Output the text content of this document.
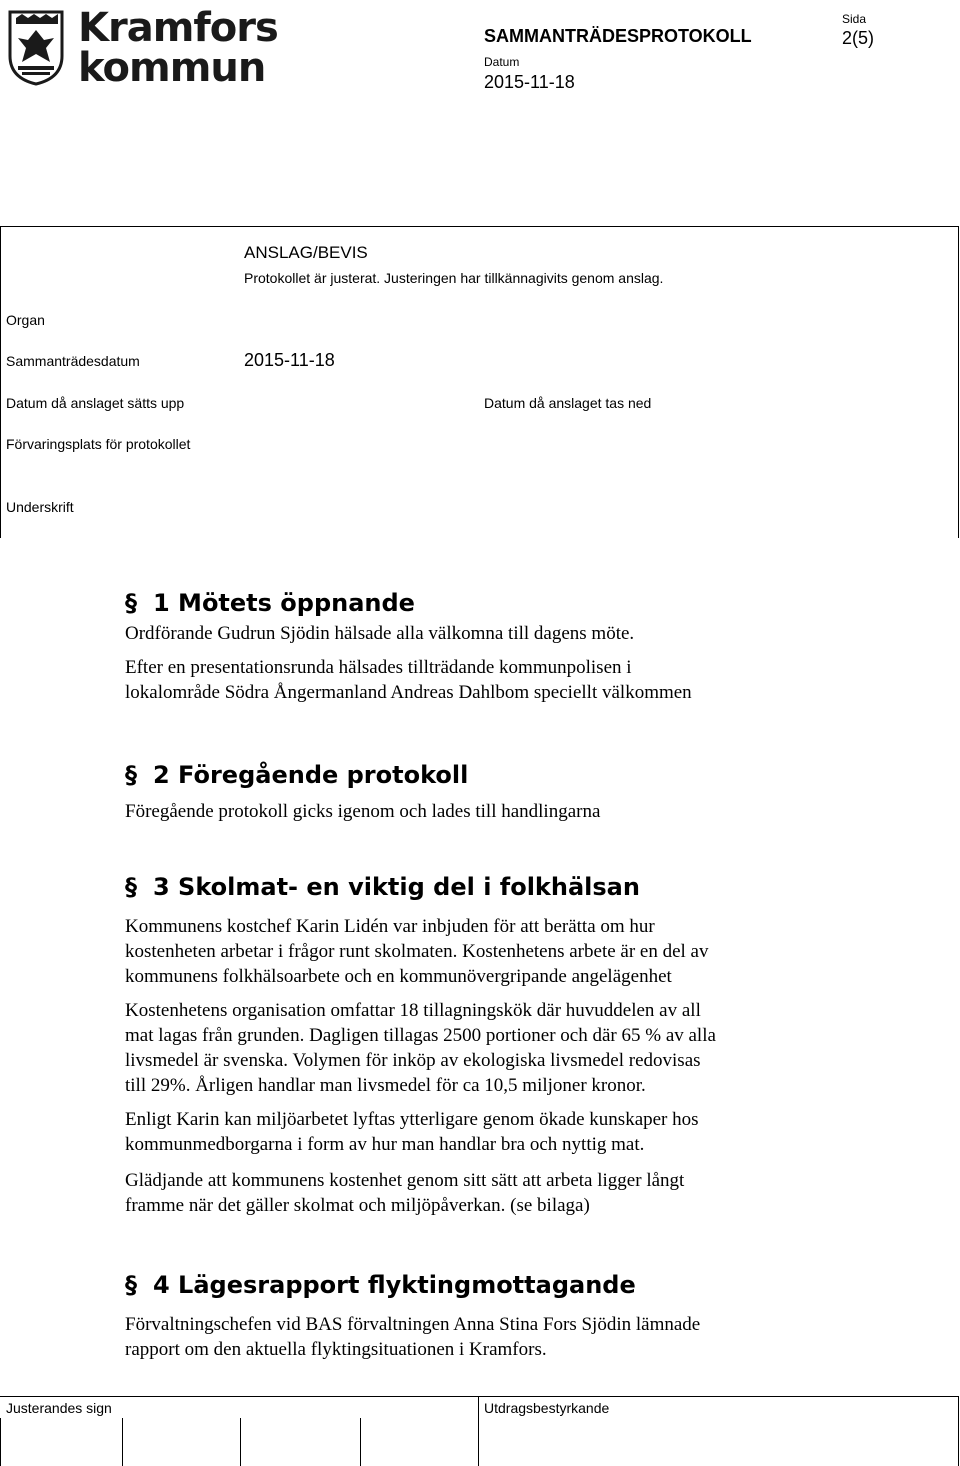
Kramfors
kommun
SAMMANTRÄDESPROTOKOLL
Sida
2(5)
Datum
2015-11-18
ANSLAG/BEVIS
Protokollet är justerat. Justeringen har tillkännagivits genom anslag.
Organ
Sammanträdesdatum	2015-11-18
Datum då anslaget sätts upp	Datum då anslaget tas ned
Förvaringsplats för protokollet
Underskrift
§ 1 Mötets öppnande
Ordförande Gudrun Sjödin hälsade alla välkomna till dagens möte.
Efter en presentationsrunda hälsades tillträdande kommunpolisen i
lokalområde Södra Ångermanland Andreas Dahlbom speciellt välkommen
§ 2 Föregående protokoll
Föregående protokoll gicks igenom och lades till handlingarna
§ 3 Skolmat- en viktig del i folkhälsan
Kommunens kostchef Karin Lidén var inbjuden för att berätta om hur
kostenheten arbetar i frågor runt skolmaten. Kostenhetens arbete är en del av
kommunens folkhälsoarbete och en kommunövergripande angelägenhet
Kostenhetens organisation omfattar 18 tillagningskök där huvuddelen av all
mat lagas från grunden. Dagligen tillagas 2500 portioner och där 65 % av alla
livsmedel är svenska. Volymen för inköp av ekologiska livsmedel redovisas
till 29%. Årligen handlar man livsmedel för ca 10,5 miljoner kronor.
Enligt Karin kan miljöarbetet lyftas ytterligare genom ökade kunskaper hos
kommunmedborgarna i form av hur man handlar bra och nyttig mat.
Glädjande att kommunens kostenhet genom sitt sätt att arbeta ligger långt
framme när det gäller skolmat och miljöpåverkan. (se bilaga)
§ 4 Lägesrapport flyktingmottagande
Förvaltningschefen vid BAS förvaltningen Anna Stina Fors Sjödin lämnade
rapport om den aktuella flyktingsituationen i Kramfors.
Justerandes sign	Utdragsbestyrkande
